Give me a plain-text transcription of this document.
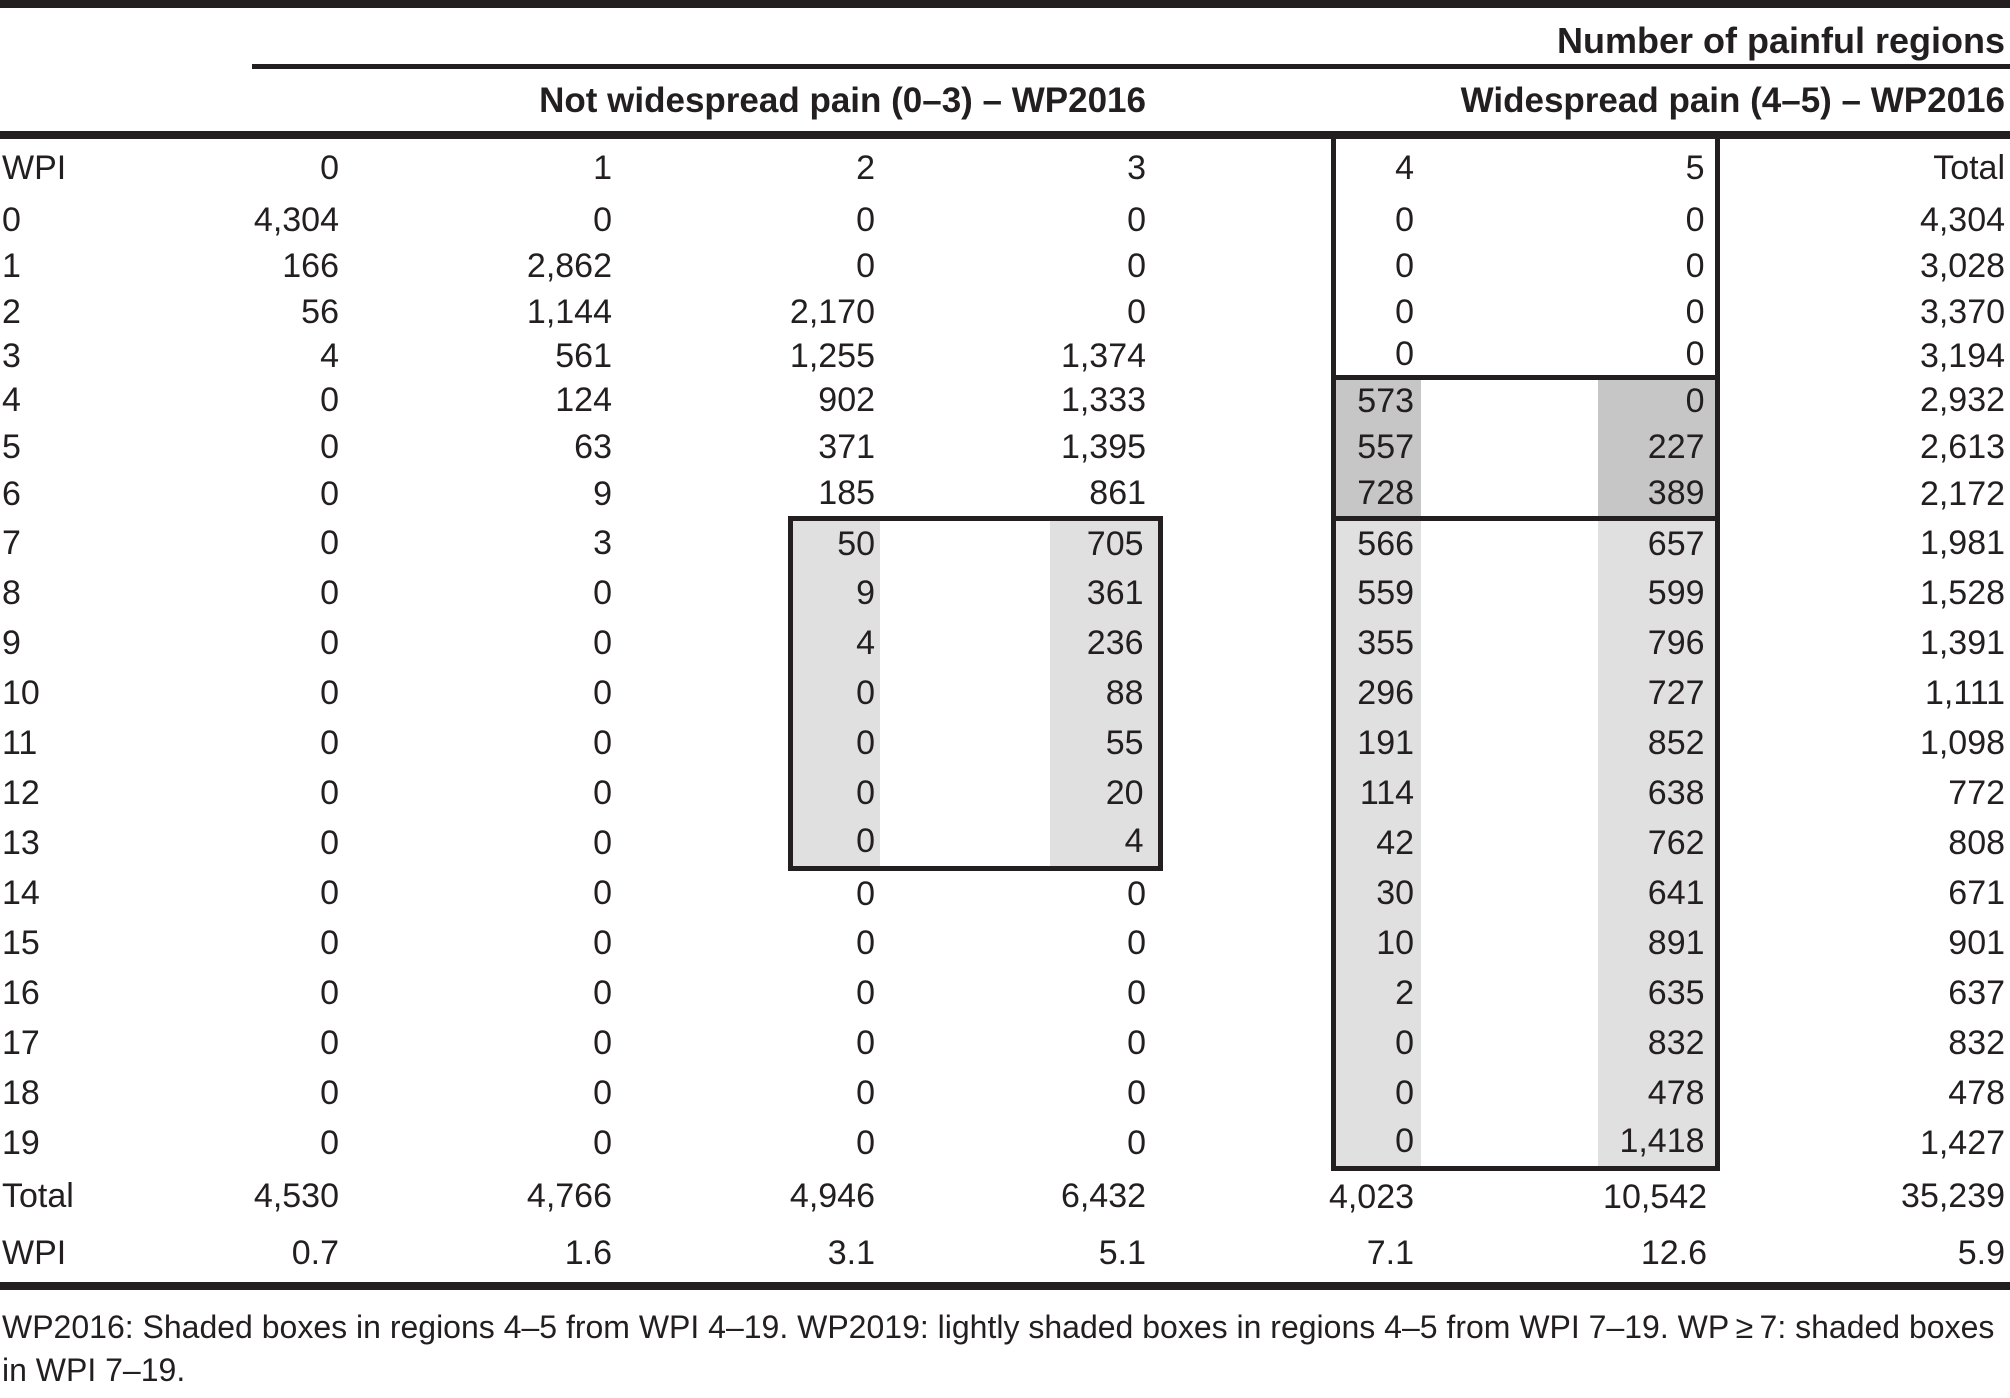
Number of painful regions
Not widespread pain (0–3) – WP2016	Widespread pain (4–5) – WP2016
WPI	0	1	2		3			4		5	Total
0	4,304	0	0		0			0		0	4,304
1	166	2,862	0		0			0		0	3,028
2	56	1,144	2,170		0			0		0	3,370
3	4	561	1,255		1,374			0		0	3,194
4	0	124	902		1,333			573		0	2,932
5	0	63	371		1,395			557		227	2,613
6	0	9	185		861			728		389	2,172
7	0	3		50		705		566		657	1,981
8	0	0		9		361		559		599	1,528
9	0	0		4		236		355		796	1,391
10	0	0		0		88		296		727	1,111
11	0	0		0		55		191		852	1,098
12	0	0		0		20		114		638	772
13	0	0		0		4		42		762	808
14	0	0	0		0			30		641	671
15	0	0	0		0			10		891	901
16	0	0	0		0			2		635	637
17	0	0	0		0			0		832	832
18	0	0	0		0			0		478	478
19	0	0	0		0			0		1,418	1,427
Total	4,530	4,766	4,946		6,432		4,023		10,542		35,239
WPI	0.7	1.6	3.1		5.1		7.1		12.6		5.9

WP2016: Shaded boxes in regions 4–5 from WPI 4–19. WP2019: lightly shaded boxes in regions 4–5 from WPI 7–19. WP ≥ 7: shaded boxes in WPI 7–19.
